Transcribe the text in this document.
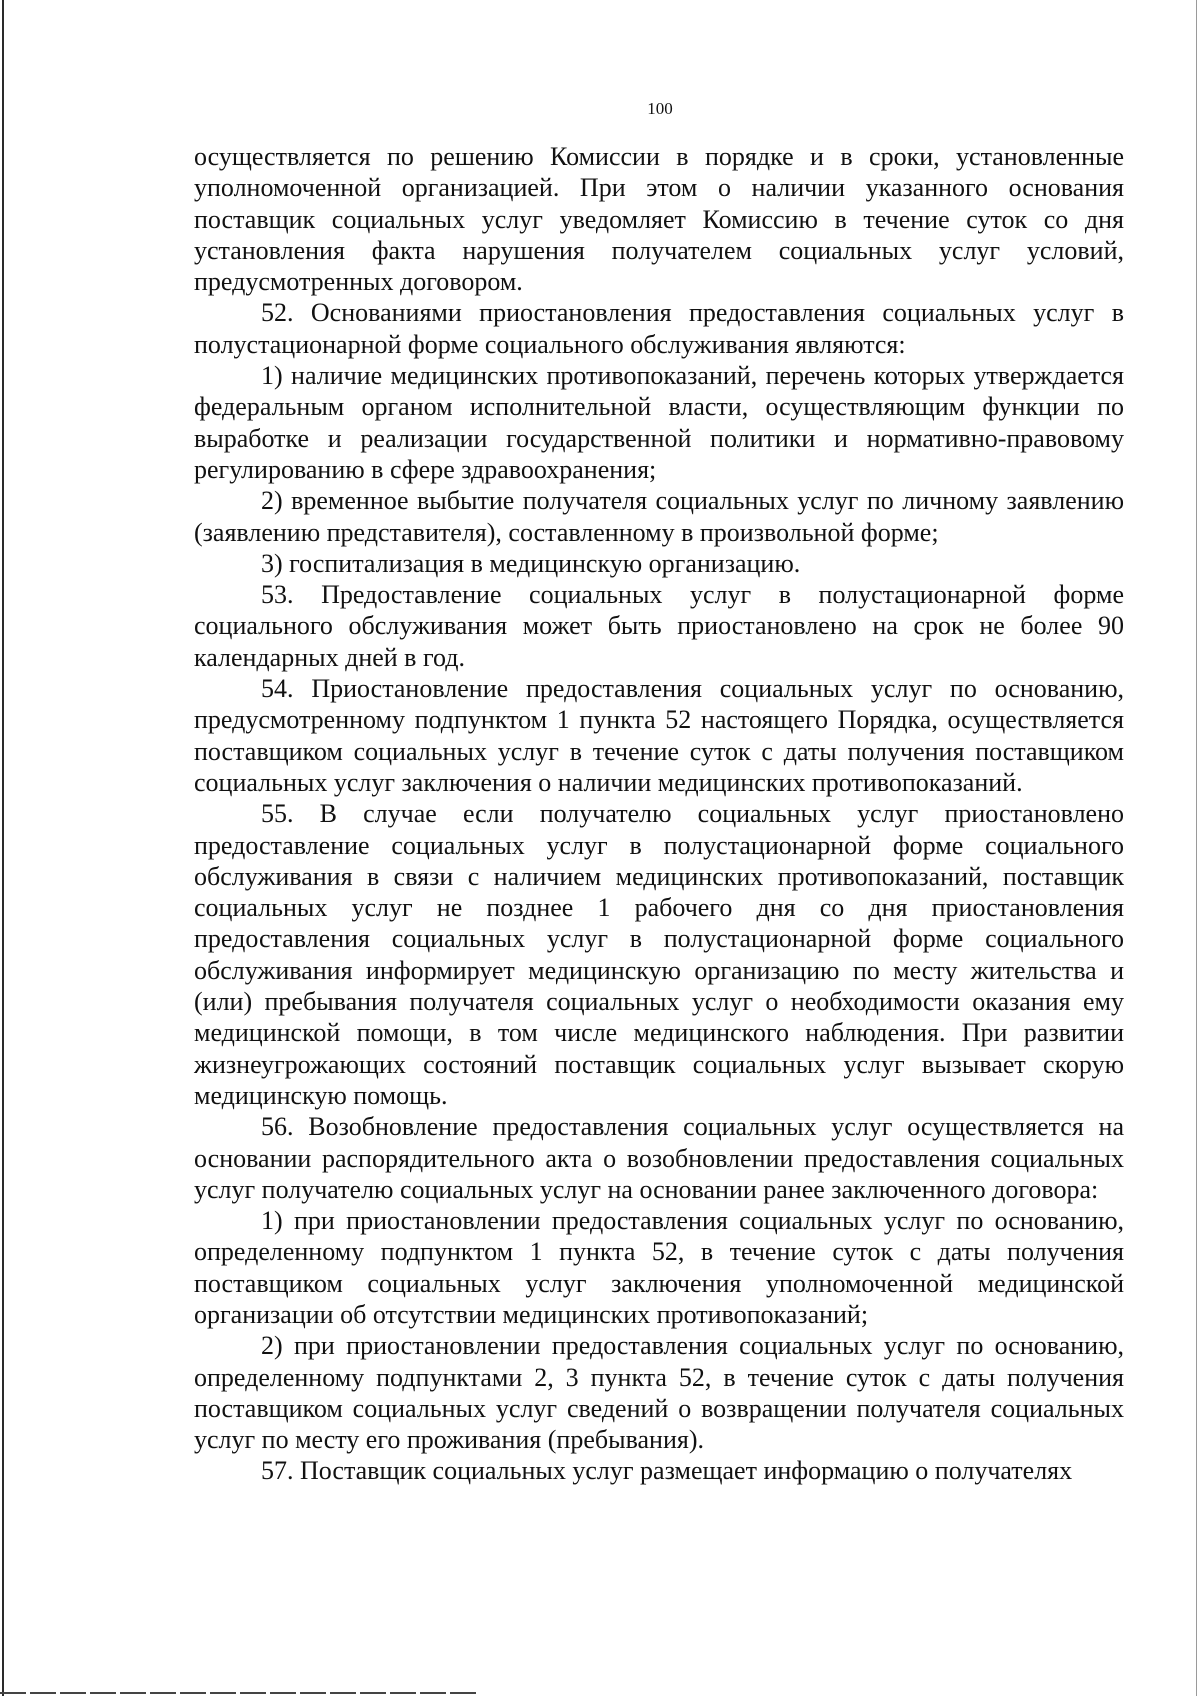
100

осуществляется по решению Комиссии в порядке и в сроки, установленные уполномоченной организацией. При этом о наличии указанного основания поставщик социальных услуг уведомляет Комиссию в течение суток со дня установления факта нарушения получателем социальных услуг условий, предусмотренных договором.

52. Основаниями приостановления предоставления социальных услуг в полустационарной форме социального обслуживания являются:

1) наличие медицинских противопоказаний, перечень которых утверждается федеральным органом исполнительной власти, осуществляющим функции по выработке и реализации государственной политики и нормативно-правовому регулированию в сфере здравоохранения;

2) временное выбытие получателя социальных услуг по личному заявлению (заявлению представителя), составленному в произвольной форме;

3) госпитализация в медицинскую организацию.

53. Предоставление социальных услуг в полустационарной форме социального обслуживания может быть приостановлено на срок не более 90 календарных дней в год.

54. Приостановление предоставления социальных услуг по основанию, предусмотренному подпунктом 1 пункта 52 настоящего Порядка, осуществляется поставщиком социальных услуг в течение суток с даты получения поставщиком социальных услуг заключения о наличии медицинских противопоказаний.

55. В случае если получателю социальных услуг приостановлено предоставление социальных услуг в полустационарной форме социального обслуживания в связи с наличием медицинских противопоказаний, поставщик социальных услуг не позднее 1 рабочего дня со дня приостановления предоставления социальных услуг в полустационарной форме социального обслуживания информирует медицинскую организацию по месту жительства и (или) пребывания получателя социальных услуг о необходимости оказания ему медицинской помощи, в том числе медицинского наблюдения. При развитии жизнеугрожающих состояний поставщик социальных услуг вызывает скорую медицинскую помощь.

56. Возобновление предоставления социальных услуг осуществляется на основании распорядительного акта о возобновлении предоставления социальных услуг получателю социальных услуг на основании ранее заключенного договора:

1) при приостановлении предоставления социальных услуг по основанию, определенному подпунктом 1 пункта 52, в течение суток с даты получения поставщиком социальных услуг заключения уполномоченной медицинской организации об отсутствии медицинских противопоказаний;

2) при приостановлении предоставления социальных услуг по основанию, определенному подпунктами 2, 3 пункта 52, в течение суток с даты получения поставщиком социальных услуг сведений о возвращении получателя социальных услуг по месту его проживания (пребывания).

57. Поставщик социальных услуг размещает информацию о получателях
